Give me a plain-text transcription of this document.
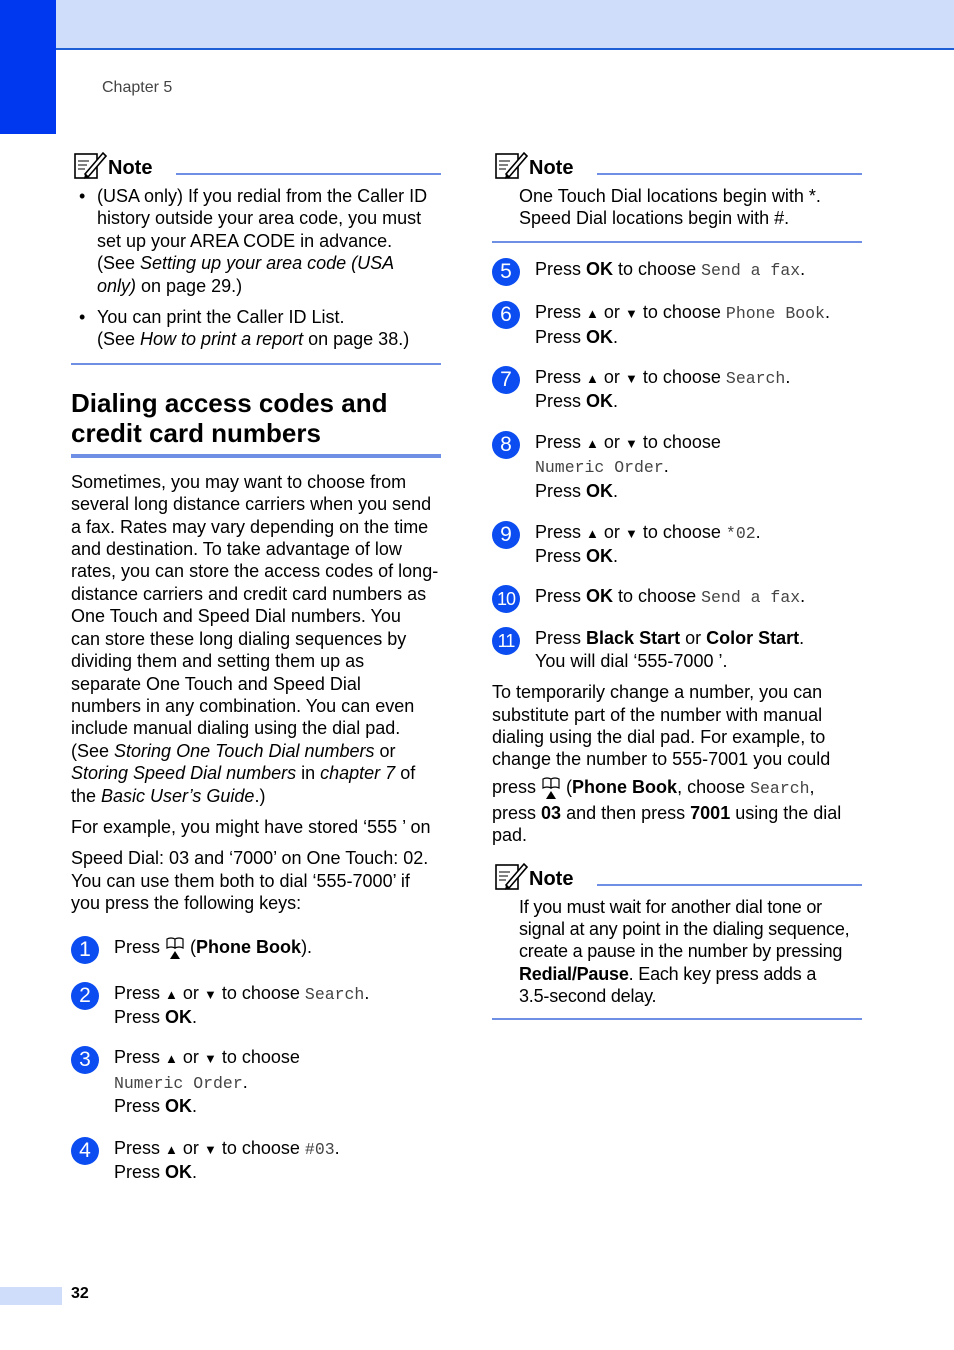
Chapter 5
Note
• (USA only) If you redial from the Caller ID
history outside your area code, you must
set up your AREA CODE in advance.
(See Setting up your area code (USA
only) on page 29.)
• You can print the Caller ID List.
(See How to print a report on page 38.)
Dialing access codes and
credit card numbers

Sometimes, you may want to choose from
several long distance carriers when you send
a fax. Rates may vary depending on the time
and destination. To take advantage of low
rates, you can store the access codes of long-
distance carriers and credit card numbers as
One Touch and Speed Dial numbers. You
can store these long dialing sequences by
dividing them and setting them up as
separate One Touch and Speed Dial
numbers in any combination. You can even
include manual dialing using the dial pad.
(See Storing One Touch Dial numbers or
Storing Speed Dial numbers in chapter 7 of
the Basic User’s Guide.)

For example, you might have stored ‘555 ’ on

Speed Dial: 03 and ‘7000’ on One Touch: 02.
You can use them both to dial ‘555-7000’ if
you press the following keys:

1	Press (Phone Book).
2	Press ▲ or ▼ to choose Search.
Press OK.
3	Press ▲ or ▼ to choose
Numeric Order.
Press OK.
4	Press ▲ or ▼ to choose #03.
Press OK.
Note

One Touch Dial locations begin with *.
Speed Dial locations begin with #.

5	Press OK to choose Send a fax.
6	Press ▲ or ▼ to choose Phone Book.
Press OK.
7	Press ▲ or ▼ to choose Search.
Press OK.
8	Press ▲ or ▼ to choose
Numeric Order.
Press OK.
9	Press ▲ or ▼ to choose *02.
Press OK.
10 Press OK to choose Send a fax.
11	Press Black Start or Color Start.
You will dial ‘555-7000 ’.

To temporarily change a number, you can
substitute part of the number with manual
dialing using the dial pad. For example, to
change the number to 555-7001 you could
press (Phone Book, choose Search,
press 03 and then press 7001 using the dial
pad.

Note

If you must wait for another dial tone or
signal at any point in the dialing sequence,
create a pause in the number by pressing
Redial/Pause. Each key press adds a
3.5-second delay.

32
